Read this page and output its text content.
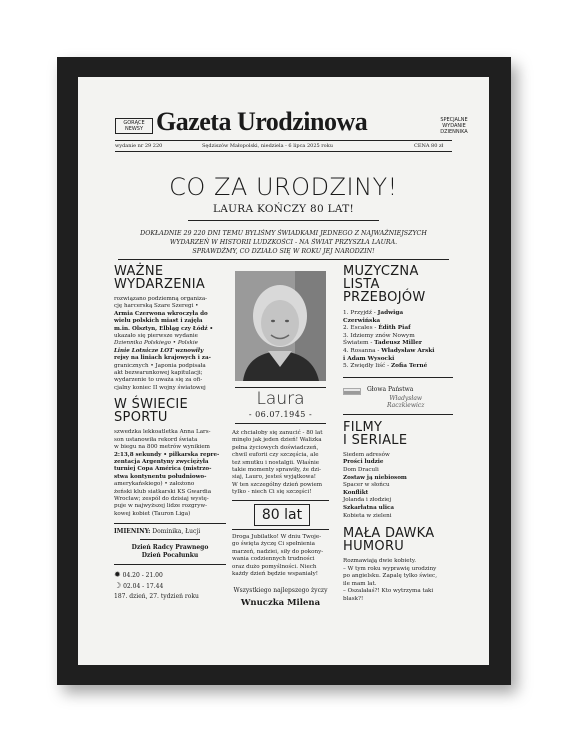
GORĄCE NEWSY Gazeta Urodzinowa	SPECJALNE WYDANIE DZIENNIKA
wydanie nr 29 220	Sędziszów Małopolski, niedziela - 6 lipca 2025 roku	CENA 80 zł
CO ZA URODZINY!
LAURA KOŃCZY 80 LAT!
DOKŁADNIE 29 220 DNI TEMU BYLIŚMY ŚWIADKAMI JEDNEGO Z NAJWAŻNIEJSZYCH
WYDARZEŃ W HISTORII LUDZKOŚCI - NA ŚWIAT PRZYSZŁA LAURA.
SPRAWDŹMY, CO DZIAŁO SIĘ W ROKU JEJ NARODZIN!
WAŻNE
WYDARZENIA
rozwiązano podziemną organiza-
cję harcerską Szare Szeregi •
Armia Czerwona wkroczyła do
wielu polskich miast i zajęła
m.in. Olsztyn, Elbląg czy Łódź •
ukazało się pierwsze wydanie
Dziennika Polskiego • Polskie
Linie Lotnicze LOT wznowiły
rejsy na liniach krajowych i za-
granicznych • Japonia podpisała
akt bezwarunkowej kapitulacji;
wydarzenie to uważa się za ofi-
cjalny koniec II wojny światowej
W ŚWIECIE
SPORTU
szwedzka lekkoatletka Anna Lars-
son ustanowiła rekord świata
w biegu na 800 metrów wynikiem
2:13,8 sekundy • piłkarska repre-
zentacja Argentyny zwyciężyła
turniej Copa América (mistrzo-
stwa kontynentu południowo-
amerykańskiego) • założono
żeński klub siatkarski KS Gwardia
Wrocław; zespół do dzisiaj wystę-
puje w najwyższej lidze rozgryw-
kowej kobiet (Tauron Liga)
IMIENINY: Dominika, Łucji
Dzień Radcy Prawnego
Dzień Pocałunku
✹ 04.20 - 21.00
☽ 02.04 - 17.44
187. dzień, 27. tydzień roku
Laura
- 06.07.1945 -
Aż chciałoby się zanucić - 80 lat
minęło jak jeden dzień! Walizka
pełna życiowych doświadczeń,
chwil euforii czy szczęścia, ale
też smutku i nostalgii. Właśnie
takie momenty sprawiły, że dzi-
siaj, Lauro, jesteś wyjątkowa!
W ten szczególny dzień powiem
tylko - niech Ci się szczęści!
80 lat
Droga Jubilatko! W dniu Twoje-
go święta życzę Ci spełnienia
marzeń, nadziei, siły do pokony-
wania codziennych trudności
oraz dużo pomyślności. Niech
każdy dzień będzie wspaniały!
Wszystkiego najlepszego życzy
Wnuczka Milena
MUZYCZNA
LISTA
PRZEBOJÓW
1. Przyjdź - Jadwiga
Czerwińska
2. Escales - Édith Piaf
3. Idziemy znów Nowym
Światem - Tadeusz Miller
4. Rosanna - Władysław Arski
i Adam Wysocki
5. Zwiędły liść - Zofia Terné
Głowa Państwa
Władysław
Raczkiewicz
FILMY
I SERIALE
Siedem adresów
Prości ludzie
Dom Draculi
Zostaw ją niebiosom
Spacer w słońcu
Konflikt
Jolanda i złodziej
Szkarłatna ulica
Kobieta w zieleni
MAŁA DAWKA
HUMORU
Rozmawiają dwie kobiety.
– W tym roku wyprawię urodziny
po angielsku. Zapalę tylko świec,
ile mam lat.
– Oszalałaś?! Kto wytrzyma taki
blask?!
